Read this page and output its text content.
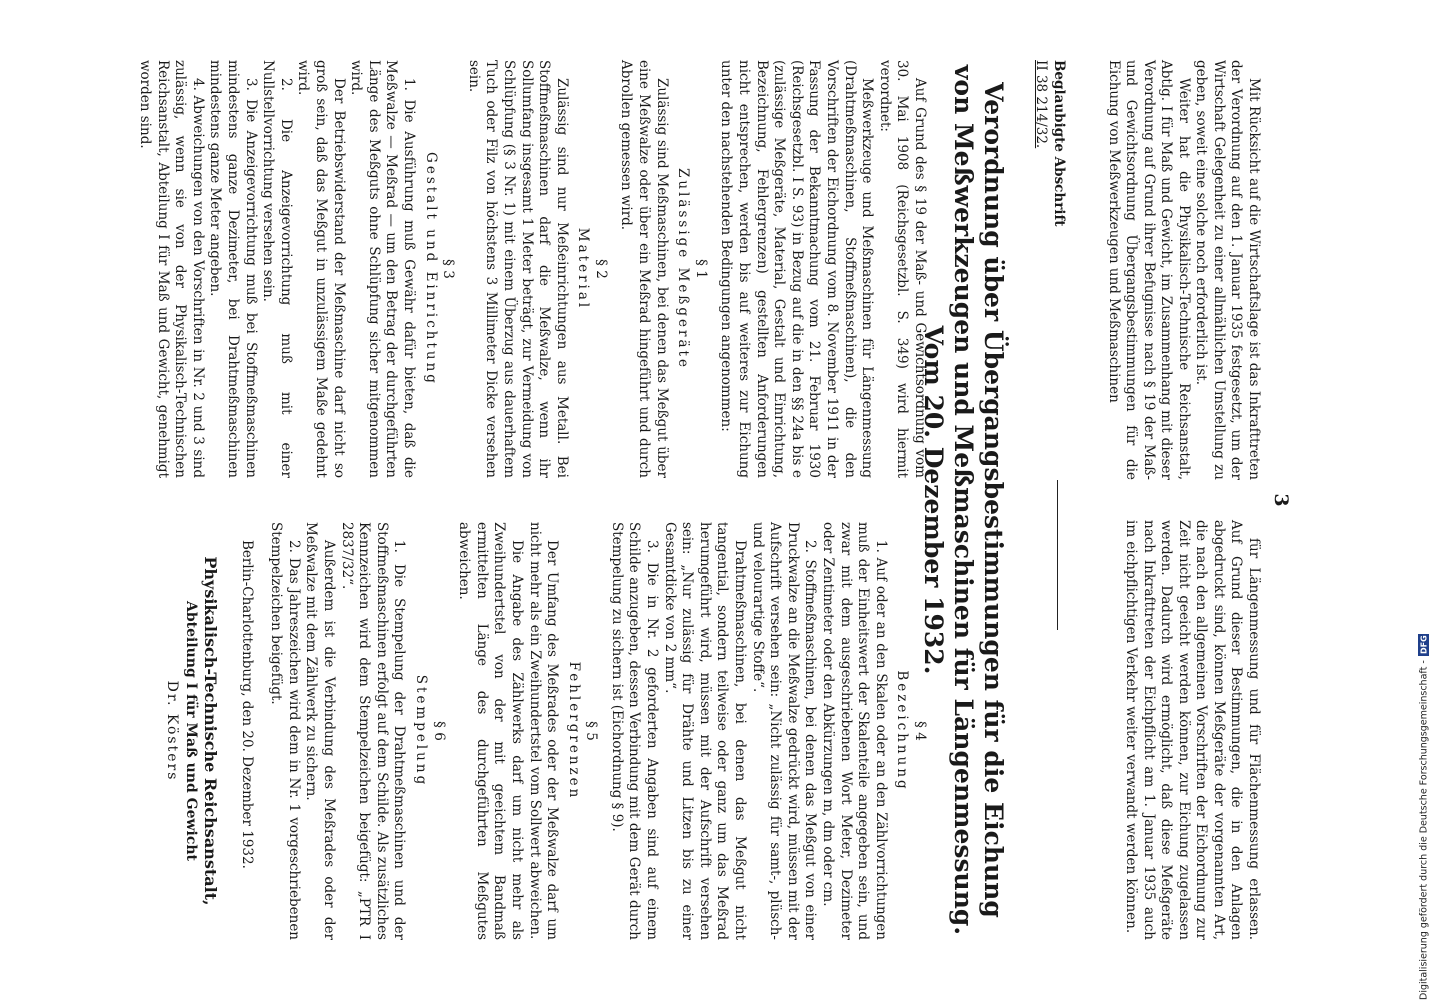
3

Mit Rücksicht auf die Wirtschaftslage ist das Inkrafttreten der Verordnung auf den 1. Januar 1935 festgesetzt, um der Wirtschaft Gelegenheit zu einer allmählichen Umstellung zu geben, soweit eine solche noch erforderlich ist.

Weiter hat die Physikalisch-Technische Reichsanstalt, Abtlg. I für Maß und Gewicht, im Zusammenhang mit dieser Verordnung auf Grund ihrer Befugnisse nach § 19 der Maß- und Gewichtsordnung Übergangsbestimmungen für die Eichung von Meßwerkzeugen und Meßmaschinen

für Längenmessung und für Flächenmessung erlassen. Auf Grund dieser Bestimmungen, die in den Anlagen abgedruckt sind, können Meßgeräte der vorgenannten Art, die nach den allgemeinen Vorschriften der Eichordnung zur Zeit nicht geeicht werden können, zur Eichung zugelassen werden. Dadurch wird ermöglicht, daß diese Meßgeräte nach Inkrafttreten der Eichpflicht am 1. Januar 1935 auch im eichpflichtigen Verkehr weiter verwandt werden können.

Beglaubigte Abschrift
II 38 214/32.
Verordnung über Übergangsbestimmungen für die Eichung von Meßwerkzeugen und Meßmaschinen für Längenmessung. Vom 20. Dezember 1932.

Auf Grund des § 19 der Maß- und Gewichtsordnung vom 30. Mai 1908 (Reichsgesetzbl. S. 349) wird hiermit verordnet:

Meßwerkzeuge und Meßmaschinen für Längenmessung (Drahtmeßmaschinen, Stoffmeßmaschinen), die den Vorschriften der Eichordnung vom 8. November 1911 in der Fassung der Bekanntmachung vom 21. Februar 1930 (Reichsgesetzbl. I S. 93) in Bezug auf die in den §§ 24a bis e (zulässige Meßgeräte, Material, Gestalt und Einrichtung, Bezeichnung, Fehlergrenzen) gestellten Anforderungen nicht entsprechen, werden bis auf weiteres zur Eichung unter den nachstehenden Bedingungen angenommen:

§ 1
Zulässige Meßgeräte

Zulässig sind Meßmaschinen, bei denen das Meßgut über eine Meßwalze oder über ein Meßrad hingeführt und durch Abrollen gemessen wird.

§ 2
Material

Zulässig sind nur Meßeinrichtungen aus Metall. Bei Stoffmeßmaschinen darf die Meßwalze, wenn ihr Sollumfang insgesamt 1 Meter beträgt, zur Vermeidung von Schlüpfung (§ 3 Nr. 1) mit einem Überzug aus dauerhaftem Tuch oder Filz von höchstens 3 Millimeter Dicke versehen sein.

§ 3
Gestalt und Einrichtung

1. Die Ausführung muß Gewähr dafür bieten, daß die Meßwalze — Meßrad — um den Betrag der durchgeführten Länge des Meßguts ohne Schlüpfung sicher mitgenommen wird.

Der Betriebswiderstand der Meßmaschine darf nicht so groß sein, daß das Meßgut in unzulässigem Maße gedehnt wird.

2. Die Anzeigevorrichtung muß mit einer Nullstellvorrichtung versehen sein.

3. Die Anzeigevorrichtung muß bei Stoffmeßmaschinen mindestens ganze Dezimeter, bei Drahtmeßmaschinen mindestens ganze Meter angeben.

4. Abweichungen von den Vorschriften in Nr. 2 und 3 sind zulässig, wenn sie von der Physikalisch-Technischen Reichsanstalt, Abteilung I für Maß und Gewicht, genehmigt worden sind.

§ 4
Bezeichnung

1. Auf oder an den Skalen oder an den Zählvorrichtungen muß der Einheitswert der Skalenteile angegeben sein, und zwar mit dem ausgeschriebenen Wort Meter, Dezimeter oder Zentimeter oder den Abkürzungen m, dm oder cm.

2. Stoffmeßmaschinen, bei denen das Meßgut von einer Druckwalze an die Meßwalze gedrückt wird, müssen mit der Aufschrift versehen sein: „Nicht zulässig für samt-, plüsch- und velourartige Stoffe“.

Drahtmeßmaschinen, bei denen das Meßgut nicht tangential, sondern teilweise oder ganz um das Meßrad herumgeführt wird, müssen mit der Aufschrift versehen sein: „Nur zulässig für Drähte und Litzen bis zu einer Gesamtdicke von 2 mm“.

3. Die in Nr. 2 geforderten Angaben sind auf einem Schilde anzugeben, dessen Verbindung mit dem Gerät durch Stempelung zu sichern ist (Eichordnung § 9).

§ 5
Fehlergrenzen

Der Umfang des Meßrades oder der Meßwalze darf um nicht mehr als ein Zweihundertstel vom Sollwert abweichen.

Die Angabe des Zählwerks darf um nicht mehr als Zweihundertstel von der mit geeichtem Bandmaß ermittelten Länge des durchgeführten Meßgutes abweichen.

§ 6
Stempelung

1. Die Stempelung der Drahtmeßmaschinen und der Stoffmeßmaschinen erfolgt auf dem Schilde. Als zusätzliches Kennzeichen wird dem Stempelzeichen beigefügt: „PTR I 2837/32“.

Außerdem ist die Verbindung des Meßrades oder der Meßwalze mit dem Zählwerk zu sichern.

2. Das Jahreszeichen wird dem in Nr. 1 vorgeschriebenen Stempelzeichen beigefügt.

Berlin-Charlottenburg, den 20. Dezember 1932.

Physikalisch-Technische Reichsanstalt,
Abteilung I für Maß und Gewicht
Dr. Kösters	Digitalisierung gefördert durch die Deutsche Forschungsgemeinschaft -
DFG
